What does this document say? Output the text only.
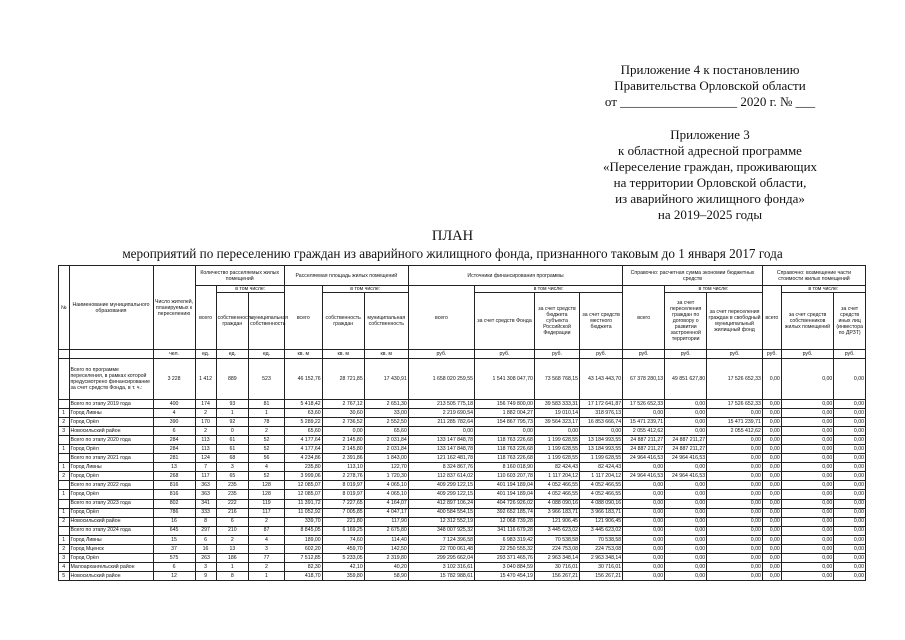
Приложение 4 к постановлению
Правительства Орловской области
от __________________ 2020 г. № ___
Приложение 3
к областной адресной программе
«Переселение граждан, проживающих
на территории Орловской области,
из аварийного жилищного фонда»
на 2019–2025 годы
ПЛАН
мероприятий по переселению граждан из аварийного жилищного фонда, признанного таковым до 1 января 2017 года
№	Наименование муниципального образования	Число жителей, планируемых к переселению	Количество расселяемых жилых помещений			Расселяемая площадь жилых помещений			Источники финансирования программы				Справочно: расчетная сумма экономии бюджетных средств			Справочно: возмещение части стоимости жилых помещений		
			всего	в том числе:		всего	в том числе:		всего	в том числе:			всего	в том числе:		всего	в том числе:	
				собственность граждан	муниципальная собственность		собственность граждан	муниципальная собственность		за счет средств Фонда	за счет средств бюджета субъекта Российской Федерации	за счет средств местного бюджета		за счет переселения граждан по договору о развитии застроенной территории	за счет переселения граждан в свободный муниципальный жилищный фонд		за счет средств собственников жилых помещений	за счет средств иных лиц (инвестора по ДРЗТ)
		чел.	ед.	ед.	ед.	кв. м	кв. м	кв. м	руб.	руб.	руб.	руб.	руб.	руб.	руб.	руб.	руб.	руб.
	Всего по программе переселения, в рамках которой предусмотрено финансирование за счет средств Фонда, в т. ч.:	3 228	1 412	889	523	46 152,76	28 721,85	17 430,91	1 658 020 259,55	1 541 308 047,70	73 568 768,15	43 143 443,70	67 378 280,13	49 851 627,80	17 526 652,33	0,00	0,00	0,00
	Всего по этапу 2019 года	400	174	93	81	5 418,42	2 767,12	2 651,30	213 505 775,18	156 749 800,00	39 583 333,31	17 172 641,87	17 526 652,33	0,00	17 526 652,33	0,00	0,00	0,00
1	Город Ливны	4	2	1	1	63,60	30,60	33,00	2 219 690,54	1 882 004,27	19 010,14	318 976,13	0,00	0,00	0,00	0,00	0,00	0,00
2	Город Орёл	390	170	92	78	5 289,22	2 736,52	2 552,50	211 285 782,64	154 867 795,73	39 564 323,17	16 853 666,74	15 471 239,71	0,00	15 471 239,71	0,00	0,00	0,00
3	Новосильский район	6	2	0	2	65,60	0,00	65,60	0,00	0,00	0,00	0,00	2 055 412,62	0,00	2 055 412,62	0,00	0,00	0,00
	Всего по этапу 2020 года	284	113	61	52	4 177,64	2 145,80	2 031,84	133 147 848,78	118 763 226,68	1 199 628,55	13 184 993,55	24 887 211,27	24 887 211,27	0,00	0,00	0,00	0,00
1	Город Орёл	284	113	61	52	4 177,64	2 145,80	2 031,84	133 147 848,78	118 763 226,68	1 199 628,55	13 184 993,55	24 887 211,27	24 887 211,27	0,00	0,00	0,00	0,00
	Всего по этапу 2021 года	281	124	68	56	4 234,86	2 391,86	1 843,00	121 162 481,78	118 763 226,68	1 199 628,55	1 199 628,55	24 964 416,53	24 964 416,53	0,00	0,00	0,00	0,00
1	Город Ливны	13	7	3	4	235,80	113,10	122,70	8 324 867,76	8 160 018,90	82 424,43	82 424,43	0,00	0,00	0,00	0,00	0,00	0,00
2	Город Орёл	268	117	65	52	3 999,06	2 278,76	1 720,30	112 837 614,02	110 603 207,78	1 117 204,12	1 117 204,12	24 964 416,53	24 964 416,53	0,00	0,00	0,00	0,00
	Всего по этапу 2022 года	816	363	235	128	12 085,07	8 019,97	4 065,10	409 299 122,15	401 194 189,04	4 052 466,55	4 052 466,55	0,00	0,00	0,00	0,00	0,00	0,00
1	Город Орёл	816	363	235	128	12 085,07	8 019,97	4 065,10	409 299 122,15	401 194 189,04	4 052 466,55	4 052 466,55	0,00	0,00	0,00	0,00	0,00	0,00
	Всего по этапу 2023 года	802	341	222	119	11 391,72	7 227,65	4 164,07	412 897 106,24	404 726 926,02	4 088 090,16	4 088 090,16	0,00	0,00	0,00	0,00	0,00	0,00
1	Город Орёл	786	333	216	117	11 052,92	7 005,85	4 047,17	400 584 554,15	392 652 185,74	3 966 183,71	3 966 183,71	0,00	0,00	0,00	0,00	0,00	0,00
2	Новосильский район	16	8	6	2	339,70	221,80	117,90	12 312 552,19	12 068 739,28	121 906,45	121 906,45	0,00	0,00	0,00	0,00	0,00	0,00
	Всего по этапу 2024 года	645	297	210	87	8 845,05	6 169,25	2 675,80	348 007 925,32	341 116 679,28	3 445 623,02	3 445 623,02	0,00	0,00	0,00	0,00	0,00	0,00
1	Город Ливны	15	6	2	4	189,00	74,60	114,40	7 124 396,58	6 983 319,42	70 538,58	70 538,58	0,00	0,00	0,00	0,00	0,00	0,00
2	Город Мценск	37	16	13	3	602,20	459,70	142,50	22 700 061,48	22 250 555,32	224 753,08	224 753,08	0,00	0,00	0,00	0,00	0,00	0,00
3	Город Орёл	575	263	186	77	7 512,85	5 233,05	2 319,80	299 295 662,04	293 371 465,76	2 963 348,14	2 963 348,14	0,00	0,00	0,00	0,00	0,00	0,00
4	Малоархангельский район	6	3	1	2	82,30	42,10	40,20	3 102 316,61	3 040 884,59	30 716,01	30 716,01	0,00	0,00	0,00	0,00	0,00	0,00
5	Новосильский район	12	9	8	1	418,70	359,80	58,90	15 782 988,61	15 470 454,19	156 267,21	156 267,21	0,00	0,00	0,00	0,00	0,00	0,00
